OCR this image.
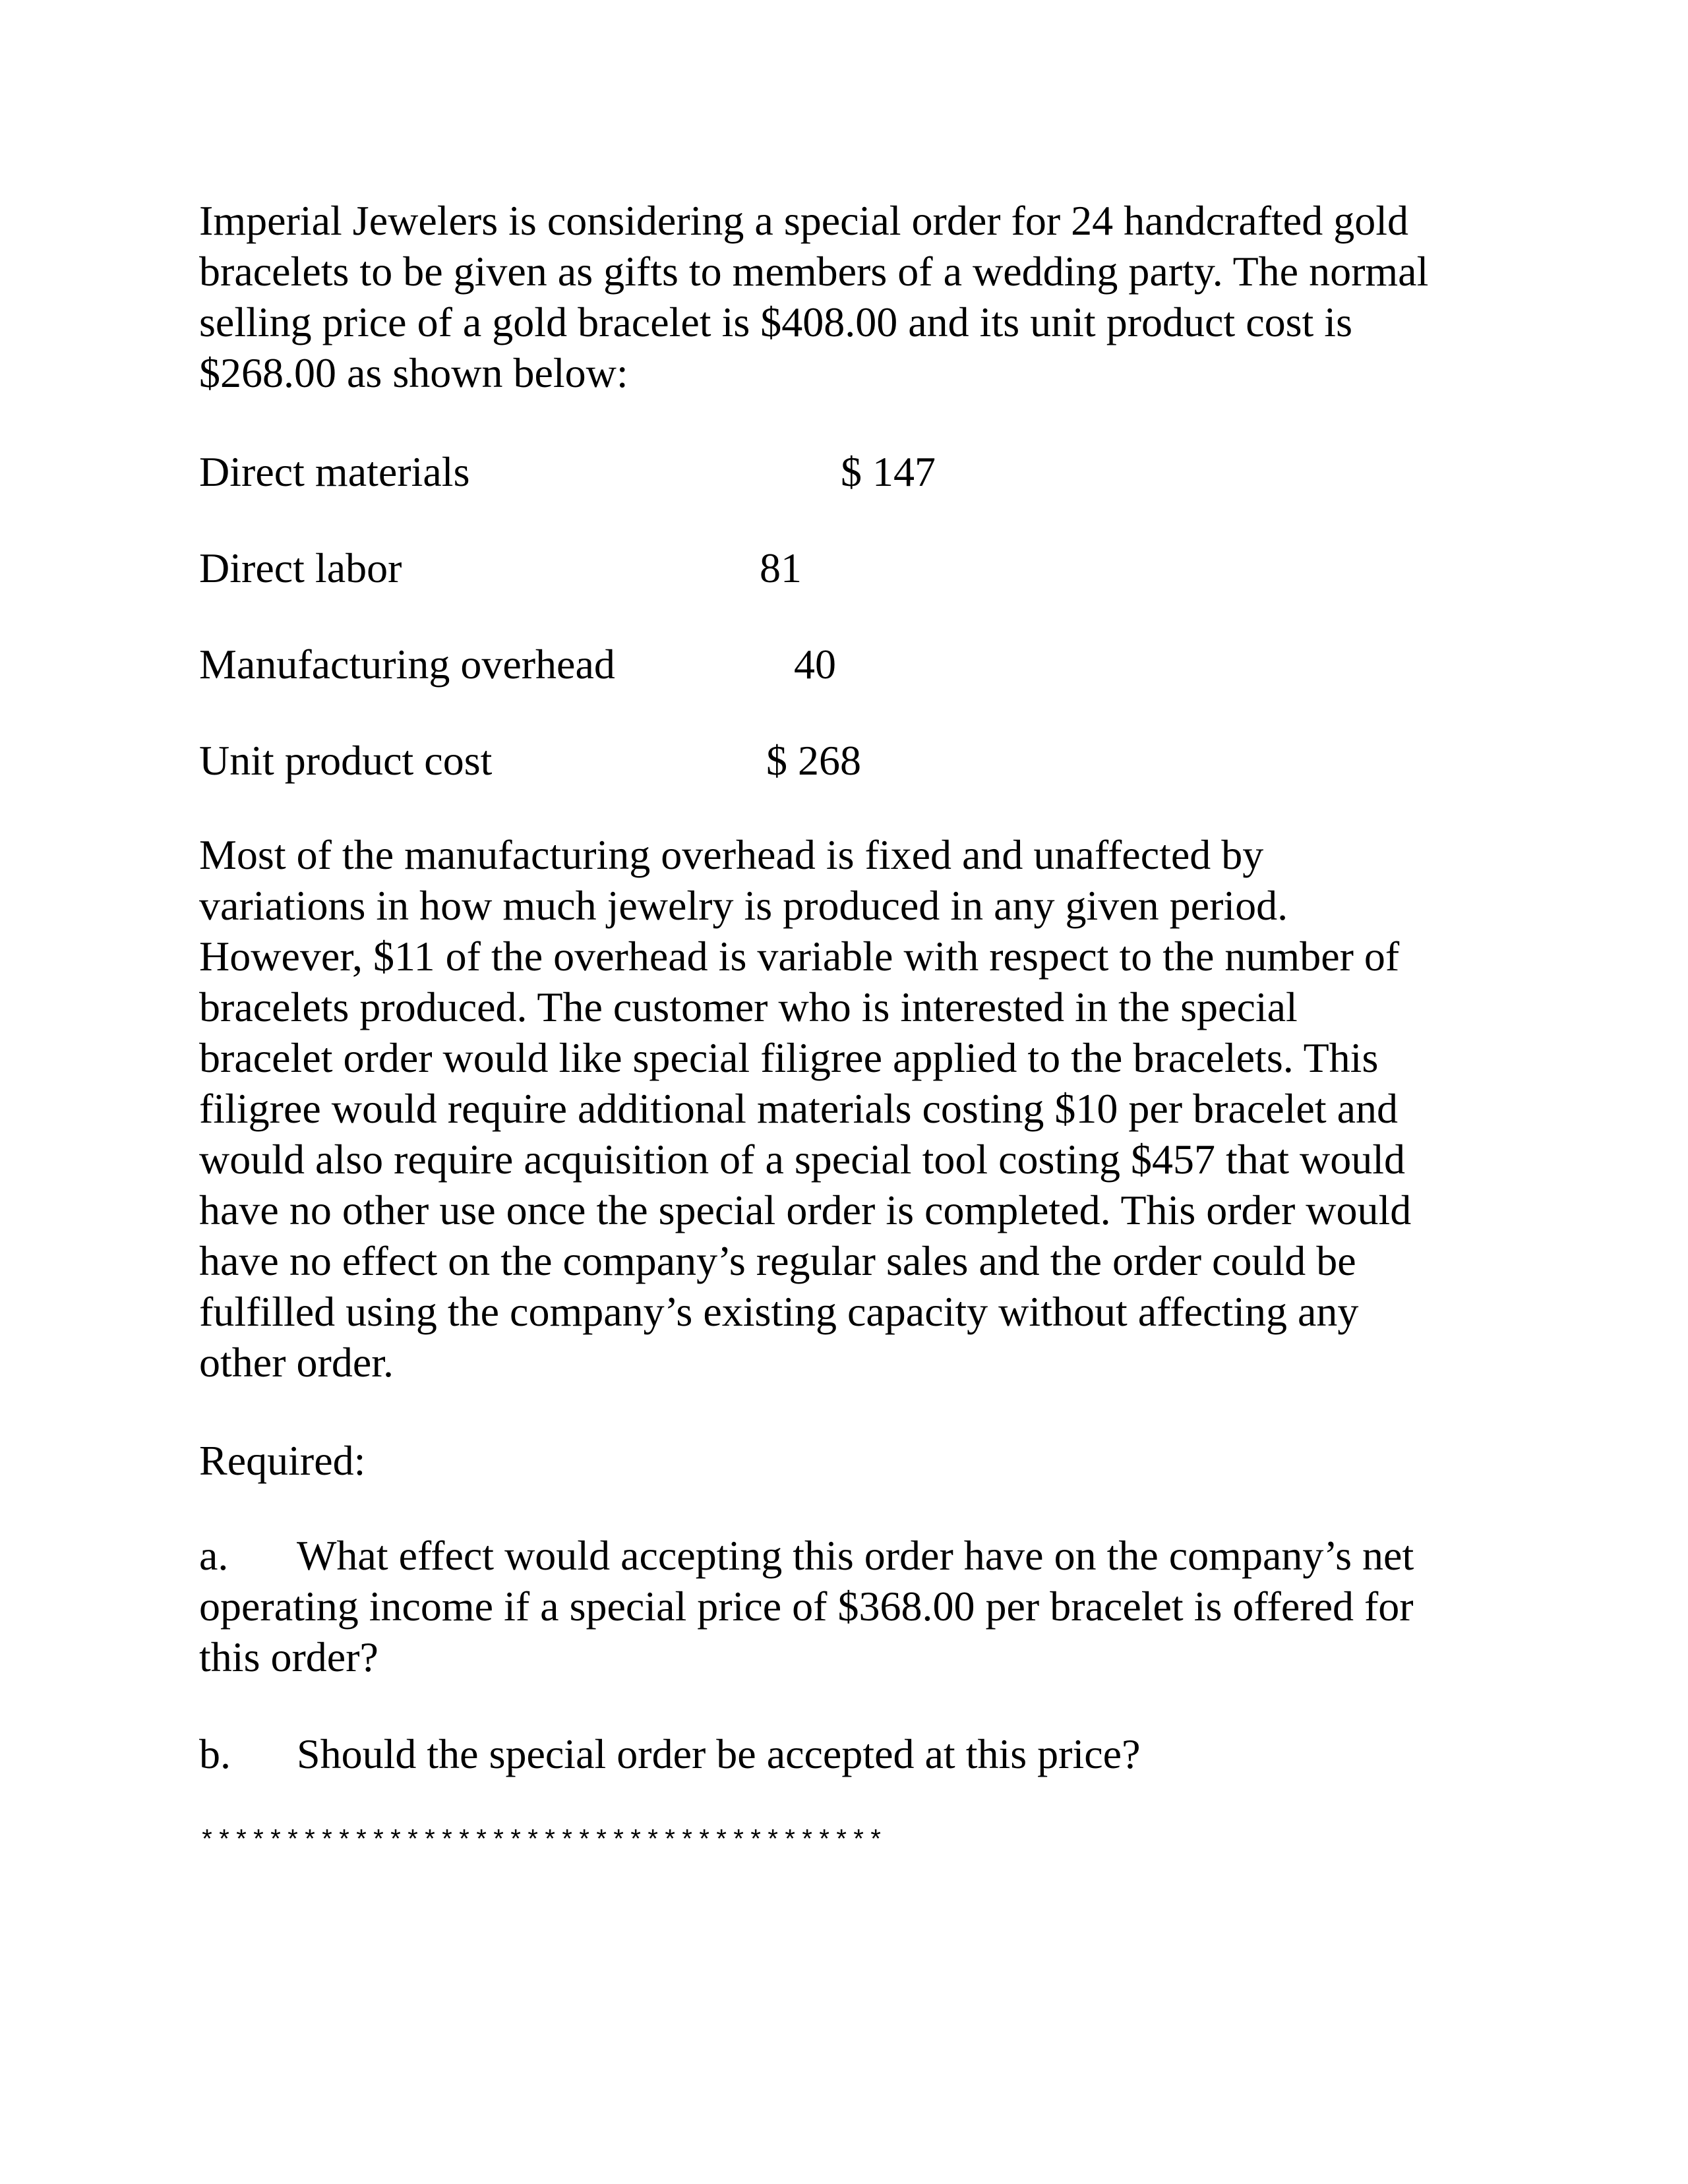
Imperial Jewelers is considering a special order for 24 handcrafted gold
bracelets to be given as gifts to members of a wedding party. The normal
selling price of a gold bracelet is $408.00 and its unit product cost is
$268.00 as shown below:

Direct materials	$ 147
Direct labor	81
Manufacturing overhead	40
Unit product cost	$ 268

Most of the manufacturing overhead is fixed and unaffected by
variations in how much jewelry is produced in any given period.
However, $11 of the overhead is variable with respect to the number of
bracelets produced. The customer who is interested in the special
bracelet order would like special filigree applied to the bracelets. This
filigree would require additional materials costing $10 per bracelet and
would also require acquisition of a special tool costing $457 that would
have no other use once the special order is completed. This order would
have no effect on the company’s regular sales and the order could be
fulfilled using the company’s existing capacity without affecting any
other order.

Required:
a. What effect would accepting this order have on the company’s net
operating income if a special price of $368.00 per bracelet is offered for
this order?
b. Should the special order be accepted at this price?
****************************************
